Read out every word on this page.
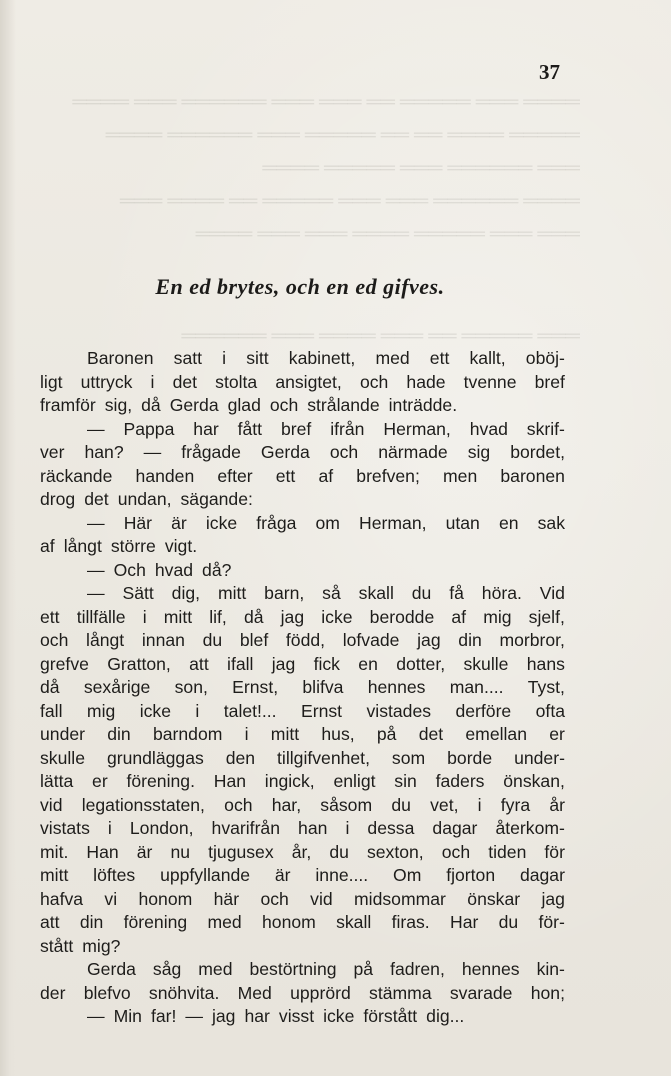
37
════ ═══ ═════ ══ ═══ ═══ ══════ ═══ ════
═════ ════ ══ ══ ═════ ═══ ══════ ════
═══ ══════ ═══ ═════ ════
════ ══════ ═══ ═══ ═════ ══ ════ ═══
═══ ═══ ═════ ════ ═══ ═══ ════
En ed brytes, och en ed gifves.
═══ ═════ ══ ═══ ════ ═══ ══════
Baronen satt i sitt kabinett, med ett kallt, oböj-
ligt uttryck i det stolta ansigtet, och hade tvenne bref
framför sig, då Gerda glad och strålande inträdde.
— Pappa har fått bref ifrån Herman, hvad skrif-
ver han? — frågade Gerda och närmade sig bordet,
räckande handen efter ett af brefven; men baronen
drog det undan, sägande:
— Här är icke fråga om Herman, utan en sak
af långt större vigt.
— Och hvad då?
— Sätt dig, mitt barn, så skall du få höra. Vid
ett tillfälle i mitt lif, då jag icke berodde af mig sjelf,
och långt innan du blef född, lofvade jag din morbror,
grefve Gratton, att ifall jag fick en dotter, skulle hans
då sexårige son, Ernst, blifva hennes man.... Tyst,
fall mig icke i talet!... Ernst vistades derföre ofta
under din barndom i mitt hus, på det emellan er
skulle grundläggas den tillgifvenhet, som borde under-
lätta er förening. Han ingick, enligt sin faders önskan,
vid legationsstaten, och har, såsom du vet, i fyra år
vistats i London, hvarifrån han i dessa dagar återkom-
mit. Han är nu tjugusex år, du sexton, och tiden för
mitt löftes uppfyllande är inne.... Om fjorton dagar
hafva vi honom här och vid midsommar önskar jag
att din förening med honom skall firas. Har du för-
stått mig?
Gerda såg med bestörtning på fadren, hennes kin-
der blefvo snöhvita. Med upprörd stämma svarade hon;
— Min far! — jag har visst icke förstått dig...
